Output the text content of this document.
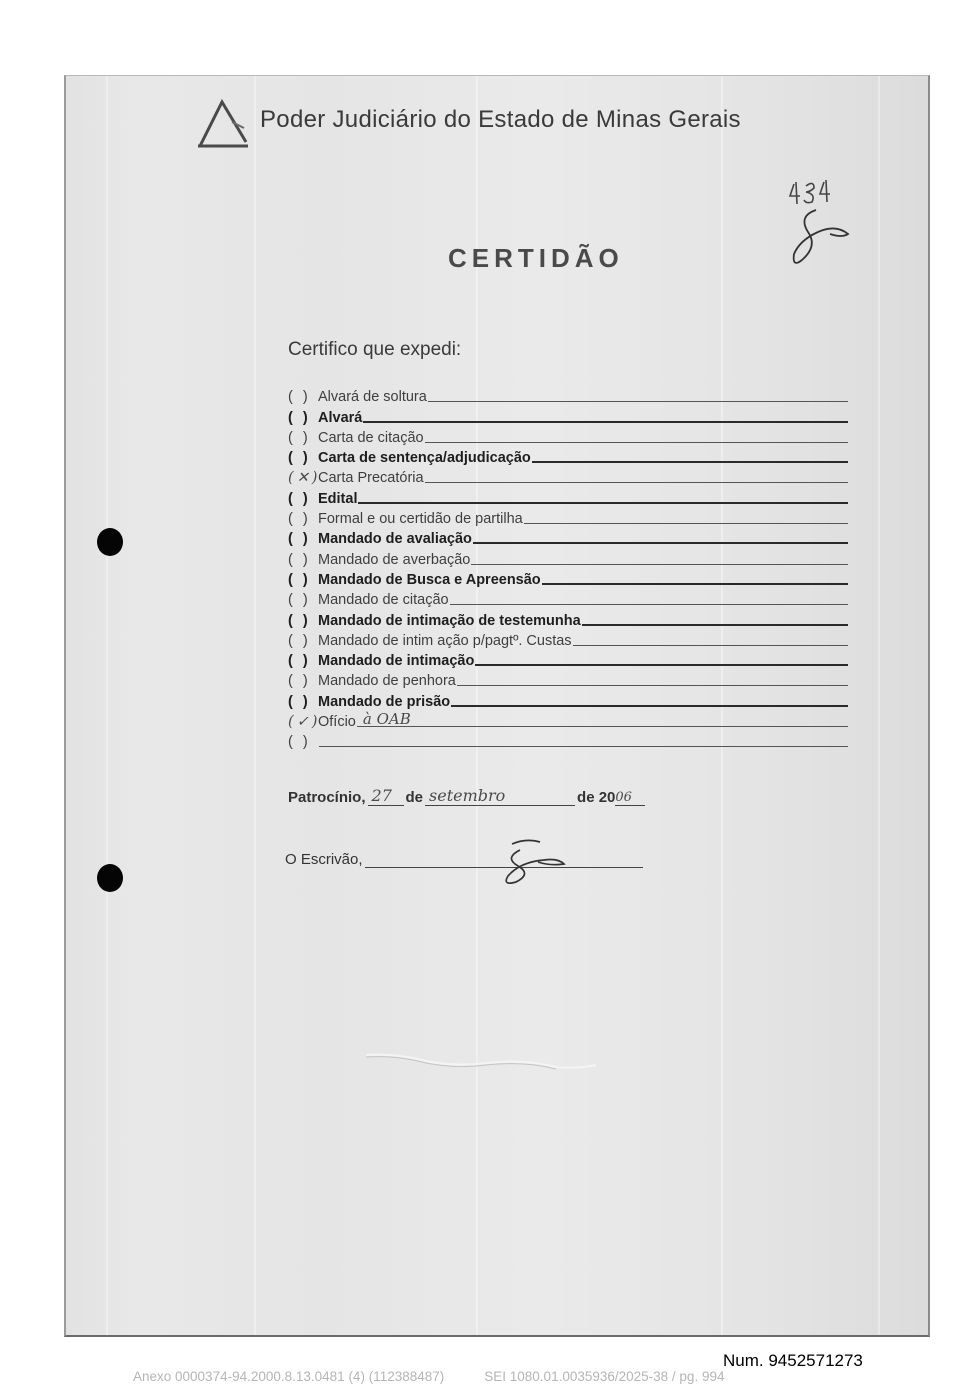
Poder Judiciário do Estado de Minas Gerais
CERTIDÃO
Certifico que expedi:
( ) Alvará de soltura
( ) Alvará
( ) Carta de citação
( ) Carta de sentença/adjudicação
(✕)
Carta Precatória
( ) Edital
( ) Formal e ou certidão de partilha
( ) Mandado de avaliação
( ) Mandado de averbação
( ) Mandado de Busca e Apreensão
( ) Mandado de citação
( ) Mandado de intimação de testemunha
( ) Mandado de intim ação p/pagtº. Custas
( ) Mandado de intimação
( ) Mandado de penhora
( ) Mandado de prisão
(✓)
Ofício à OAB
( )
Patrocínio, 27 de setembro	de 20 06
O Escrivão,
Num. 9452571273
Anexo 0000374-94.2000.8.13.0481 (4) (112388487)	SEI 1080.01.0035936/2025-38 / pg. 994
